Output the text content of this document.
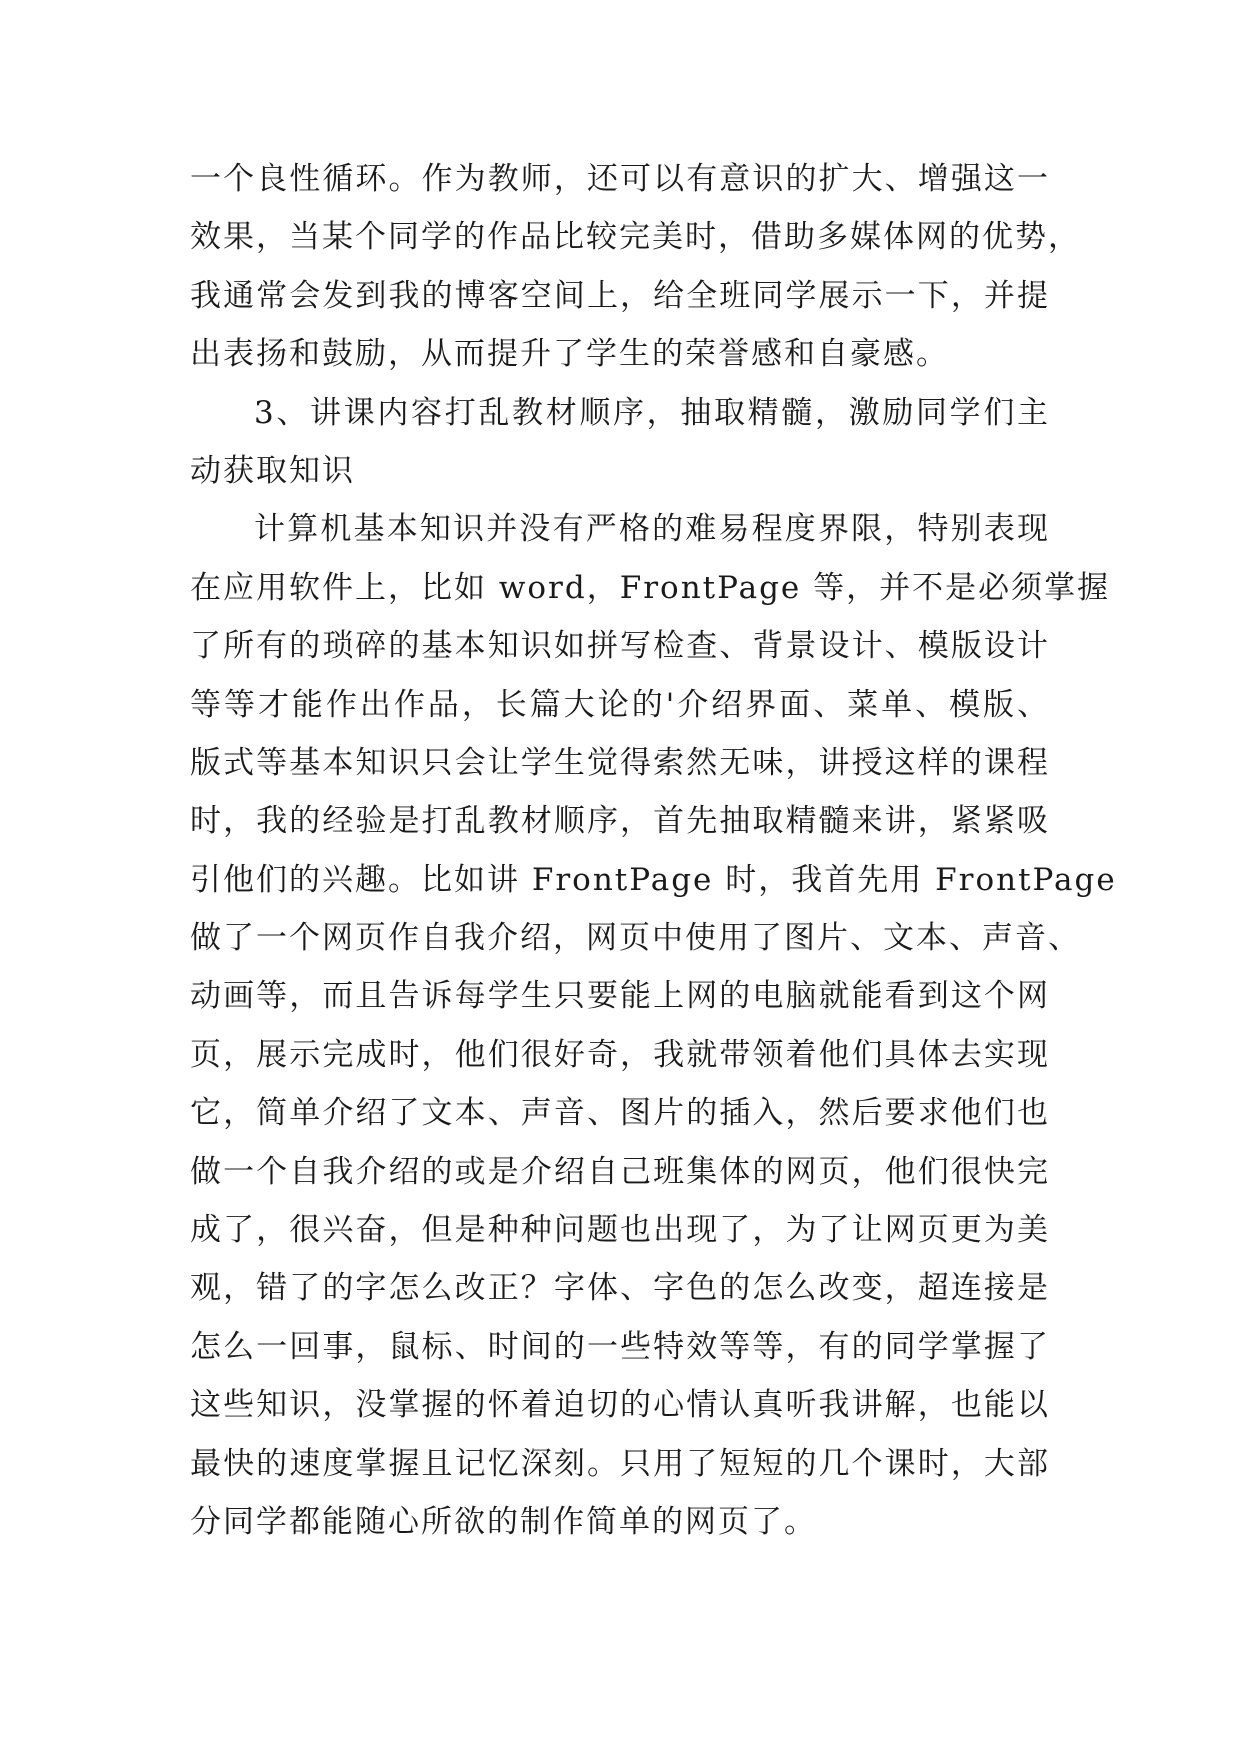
一个良性循环。作为教师，还可以有意识的扩大、增强这一
效果，当某个同学的作品比较完美时，借助多媒体网的优势，
我通常会发到我的博客空间上，给全班同学展示一下，并提
出表扬和鼓励，从而提升了学生的荣誉感和自豪感。
3、讲课内容打乱教材顺序，抽取精髓，激励同学们主
动获取知识
计算机基本知识并没有严格的难易程度界限，特别表现
在应用软件上，比如 word，FrontPage 等，并不是必须掌握
了所有的琐碎的基本知识如拼写检查、背景设计、模版设计
等等才能作出作品，长篇大论的'介绍界面、菜单、模版、
版式等基本知识只会让学生觉得索然无味，讲授这样的课程
时，我的经验是打乱教材顺序，首先抽取精髓来讲，紧紧吸
引他们的兴趣。比如讲 FrontPage 时，我首先用 FrontPage
做了一个网页作自我介绍，网页中使用了图片、文本、声音、
动画等，而且告诉每学生只要能上网的电脑就能看到这个网
页，展示完成时，他们很好奇，我就带领着他们具体去实现
它，简单介绍了文本、声音、图片的插入，然后要求他们也
做一个自我介绍的或是介绍自己班集体的网页，他们很快完
成了，很兴奋，但是种种问题也出现了，为了让网页更为美
观，错了的字怎么改正？字体、字色的怎么改变，超连接是
怎么一回事，鼠标、时间的一些特效等等，有的同学掌握了
这些知识，没掌握的怀着迫切的心情认真听我讲解，也能以
最快的速度掌握且记忆深刻。只用了短短的几个课时，大部
分同学都能随心所欲的制作简单的网页了。
